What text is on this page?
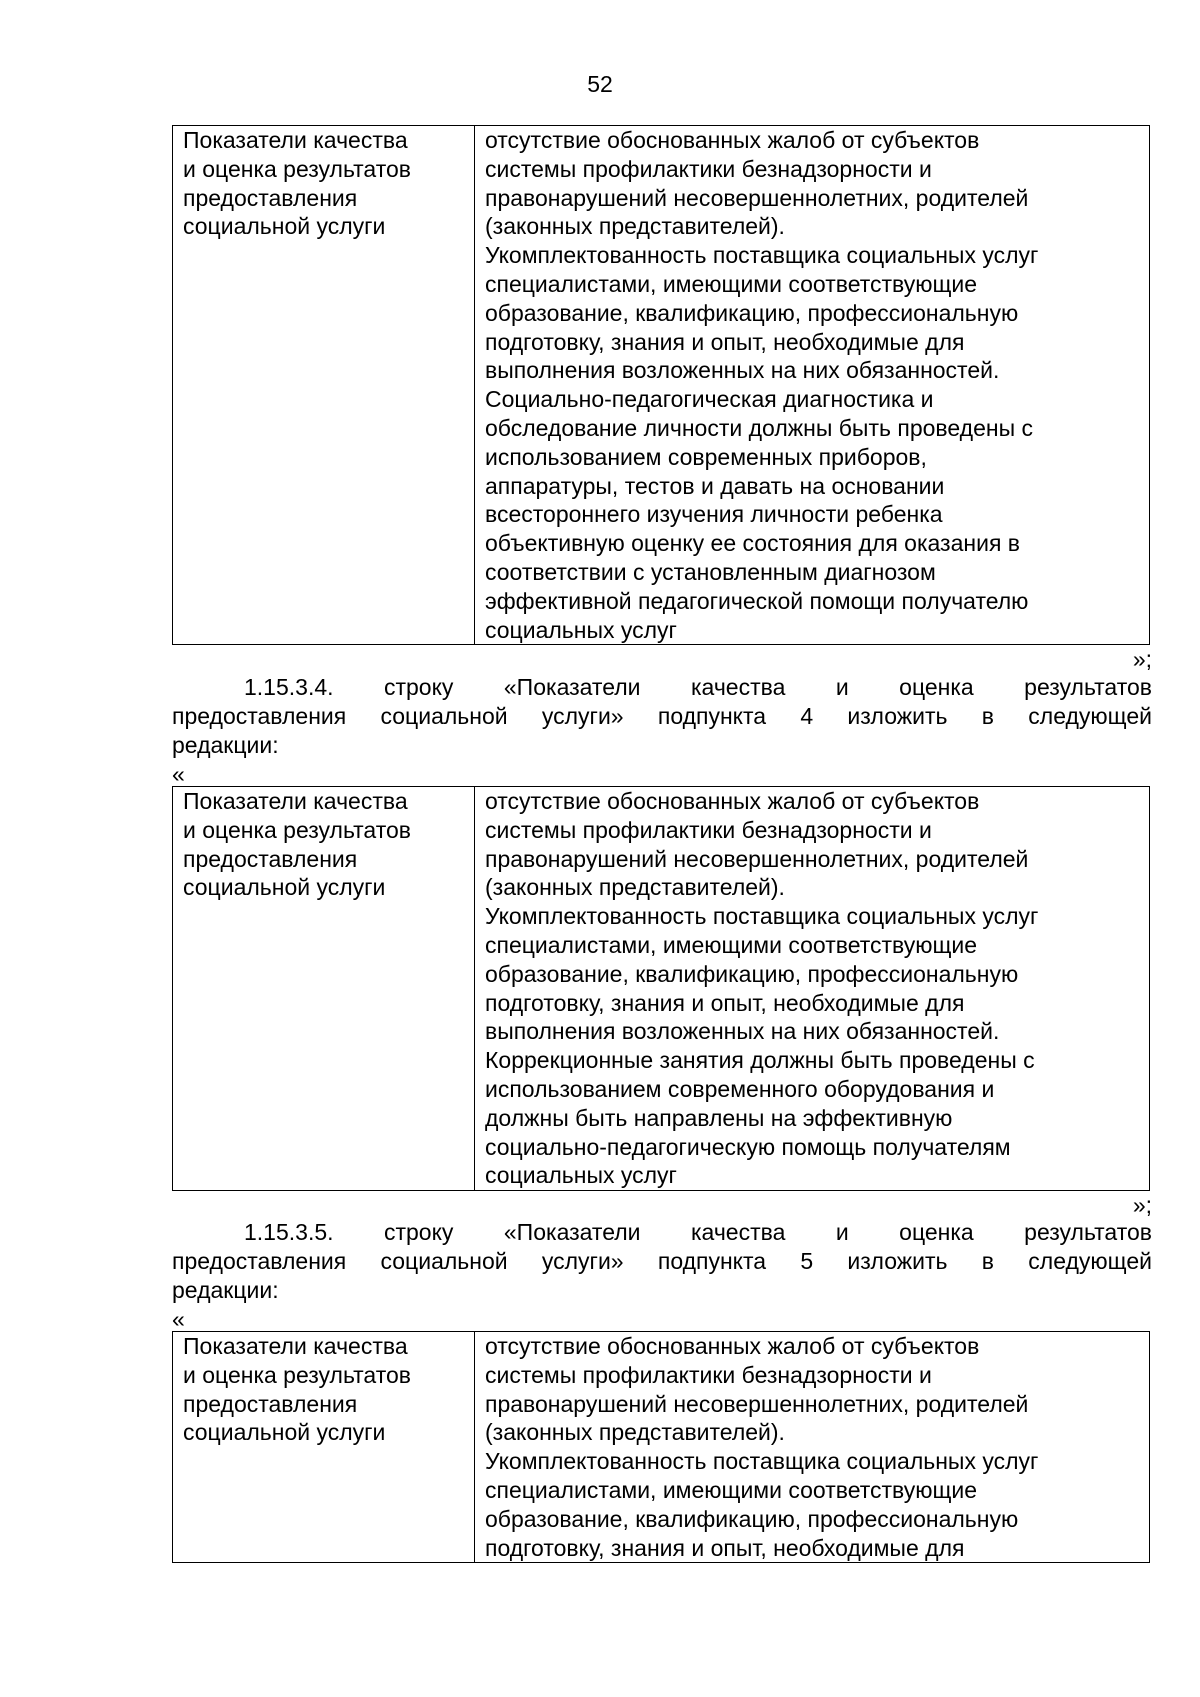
52
Показатели качества
и оценка результатов
предоставления
социальной услуги

отсутствие обоснованных жалоб от субъектов
системы профилактики безнадзорности и
правонарушений несовершеннолетних, родителей
(законных представителей).
Укомплектованность поставщика социальных услуг
специалистами, имеющими соответствующие
образование, квалификацию, профессиональную
подготовку, знания и опыт, необходимые для
выполнения возложенных на них обязанностей.
Социально-педагогическая диагностика и
обследование личности должны быть проведены с
использованием современных приборов,
аппаратуры, тестов и давать на основании
всестороннего изучения личности ребенка
объективную оценку ее состояния для оказания в
соответствии с установленным диагнозом
эффективной педагогической помощи получателю
социальных услуг
»;
1.15.3.4. строку «Показатели качества и оценка результатов
предоставления социальной услуги» подпункта 4 изложить в следующей
редакции:
«
Показатели качества
и оценка результатов
предоставления
социальной услуги

отсутствие обоснованных жалоб от субъектов
системы профилактики безнадзорности и
правонарушений несовершеннолетних, родителей
(законных представителей).
Укомплектованность поставщика социальных услуг
специалистами, имеющими соответствующие
образование, квалификацию, профессиональную
подготовку, знания и опыт, необходимые для
выполнения возложенных на них обязанностей.
Коррекционные занятия должны быть проведены с
использованием современного оборудования и
должны быть направлены на эффективную
социально-педагогическую помощь получателям
социальных услуг
»;
1.15.3.5. строку «Показатели качества и оценка результатов
предоставления социальной услуги» подпункта 5 изложить в следующей
редакции:
«
Показатели качества
и оценка результатов
предоставления
социальной услуги

отсутствие обоснованных жалоб от субъектов
системы профилактики безнадзорности и
правонарушений несовершеннолетних, родителей
(законных представителей).
Укомплектованность поставщика социальных услуг
специалистами, имеющими соответствующие
образование, квалификацию, профессиональную
подготовку, знания и опыт, необходимые для
